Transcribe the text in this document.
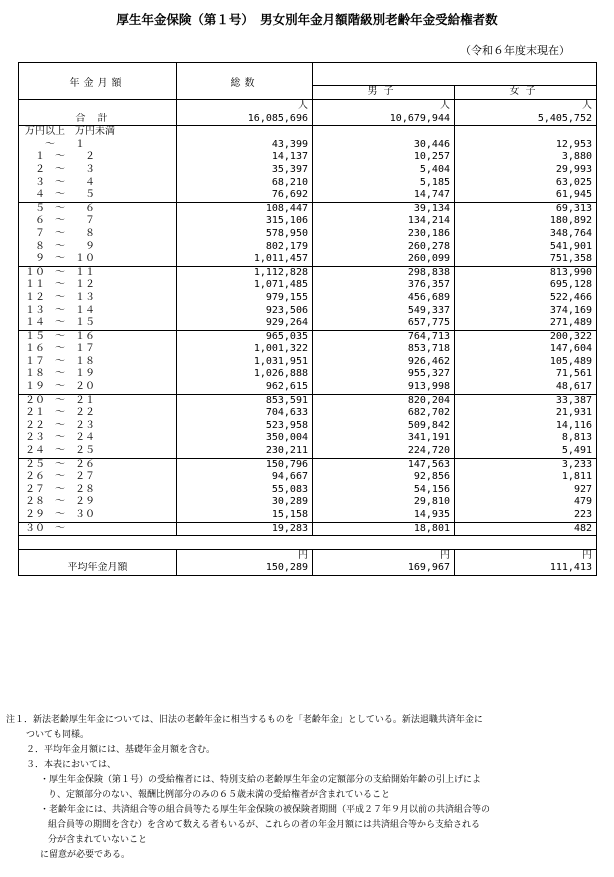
厚生年金保険（第１号）　男女別年金月額階級別老齢年金受給権者数
（令和６年度末現在）
年金月額	総数		
		男子	女子
	人	人	人
合計	16,085,696	10,679,944	5,405,752
万円以上　万円未満			
　　～　　１	43,399	30,446	12,953
　１　～　　２	14,137	10,257	3,880
　２　～　　３	35,397	5,404	29,993
　３　～　　４	68,210	5,185	63,025
　４　～　　５	76,692	14,747	61,945
　５　～　　６	108,447	39,134	69,313
　６　～　　７	315,106	134,214	180,892
　７　～　　８	578,950	230,186	348,764
　８　～　　９	802,179	260,278	541,901
　９　～　１０	1,011,457	260,099	751,358
１０　～　１１	1,112,828	298,838	813,990
１１　～　１２	1,071,485	376,357	695,128
１２　～　１３	979,155	456,689	522,466
１３　～　１４	923,506	549,337	374,169
１４　～　１５	929,264	657,775	271,489
１５　～　１６	965,035	764,713	200,322
１６　～　１７	1,001,322	853,718	147,604
１７　～　１８	1,031,951	926,462	105,489
１８　～　１９	1,026,888	955,327	71,561
１９　～　２０	962,615	913,998	48,617
２０　～　２１	853,591	820,204	33,387
２１　～　２２	704,633	682,702	21,931
２２　～　２３	523,958	509,842	14,116
２３　～　２４	350,004	341,191	8,813
２４　～　２５	230,211	224,720	5,491
２５　～　２６	150,796	147,563	3,233
２６　～　２７	94,667	92,856	1,811
２７　～　２８	55,083	54,156	927
２８　～　２９	30,289	29,810	479
２９　～　３０	15,158	14,935	223
３０　～	19,283	18,801	482

	円	円	円
平均年金月額	150,289	169,967	111,413

注１．新法老齢厚生年金については、旧法の老齢年金に相当するものを「老齢年金」としている。新法退職共済年金に

ついても同様。

２．平均年金月額には、基礎年金月額を含む。

３．本表においては、

・厚生年金保険（第１号）の受給権者には、特別支給の老齢厚生年金の定額部分の支給開始年齢の引上げによ

り、定額部分のない、報酬比例部分のみの６５歳未満の受給権者が含まれていること

・老齢年金には、共済組合等の組合員等たる厚生年金保険の被保険者期間（平成２７年９月以前の共済組合等の

組合員等の期間を含む）を含めて数える者もいるが、これらの者の年金月額には共済組合等から支給される

分が含まれていないこと

に留意が必要である。
